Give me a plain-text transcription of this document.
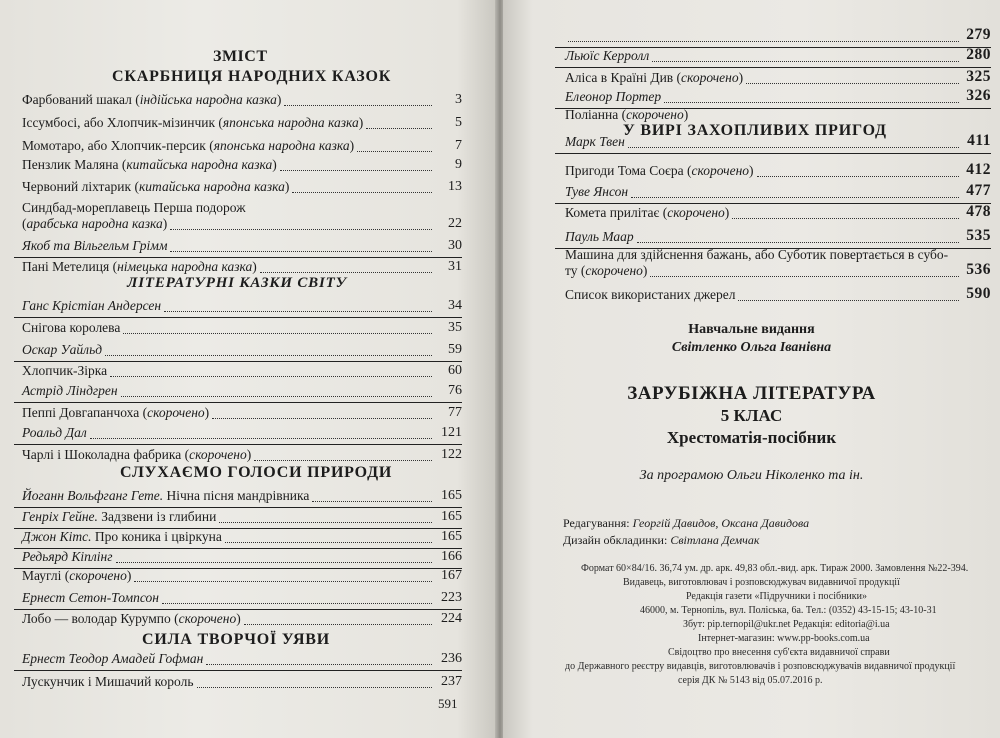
ЗМІСТ
СКАРБНИЦЯ НАРОДНИХ КАЗОК
Фарбований шакал (індійська народна казка)	3
Іссумбосі, або Хлопчик-мізинчик (японська народна казка)	5
Момотаро, або Хлопчик-персик (японська народна казка)	7
Пензлик Маляна (китайська народна казка)	9
Червоний ліхтарик (китайська народна казка)	13
Синдбад-мореплавець Перша подорож
(арабська народна казка)	22
Якоб та Вільгельм Грімм	30
Пані Метелиця (німецька народна казка)	31
Ганс Крістіан Андерсен	34
Снігова королева	35
Оскар Уайльд	59
Хлопчик-Зірка	60
Астрід Ліндгрен	76
Пеппі Довгапанчоха (скорочено)	77
Роальд Дал	121
Чарлі і Шоколадна фабрика (скорочено)	122
Йоганн Вольфганг Гете. Нічна пісня мандрівника	165
Генріх Гейне. Задзвени із глибини	165
Джон Кітс. Про коника і цвіркуна	165
Редьярд Кіплінг	166
Мауглі (скорочено)	167
Ернест Сетон-Томпсон	223
Лобо — володар Курумпо (скорочено)	224
Ернест Теодор Амадей Гофман	236
Лускунчик і Мишачий король	237
ЛІТЕРАТУРНІ КАЗКИ СВІТУ
СЛУХАЄМО ГОЛОСИ ПРИРОДИ
СИЛА ТВОРЧОЇ УЯВИ
591
279
Льюїс Керролл	280
Аліса в Країні Див (скорочено)	325
Елеонор Портер	326
Поліанна (скорочено)
Марк Твен	411
Пригоди Тома Соєра (скорочено)	412
Туве Янсон	477
Комета прилітає (скорочено)	478
Пауль Маар	535
Машина для здійснення бажань, або Суботик повертається в субо-
ту (скорочено)	536
Список використаних джерел	590
У ВИРІ ЗАХОПЛИВИХ ПРИГОД
Навчальне видання
Світленко Ольга Іванівна
ЗАРУБІЖНА ЛІТЕРАТУРА
5 КЛАС
Хрестоматія-посібник
За програмою Ольги Ніколенко та ін.
Редагування: Георгій Давидов, Оксана Давидова
Дизайн обкладинки: Світлана Демчак
Формат 60×84/16. 36,74 ум. др. арк. 49,83 обл.-вид. арк. Тираж 2000. Замовлення №22-394.
Видавець, виготовлювач і розповсюджувач видавничої продукції
Редакція газети «Підручники і посібники»
46000, м. Тернопіль, вул. Поліська, 6а. Тел.: (0352) 43-15-15; 43-10-31
Збут: pip.ternopil@ukr.net Редакція: editoria@i.ua
Інтернет-магазин: www.pp-books.com.ua
Свідоцтво про внесення суб'єкта видавничої справи
до Державного реєстру видавців, виготовлювачів і розповсюджувачів видавничої продукції
серія ДК № 5143 від 05.07.2016 р.
